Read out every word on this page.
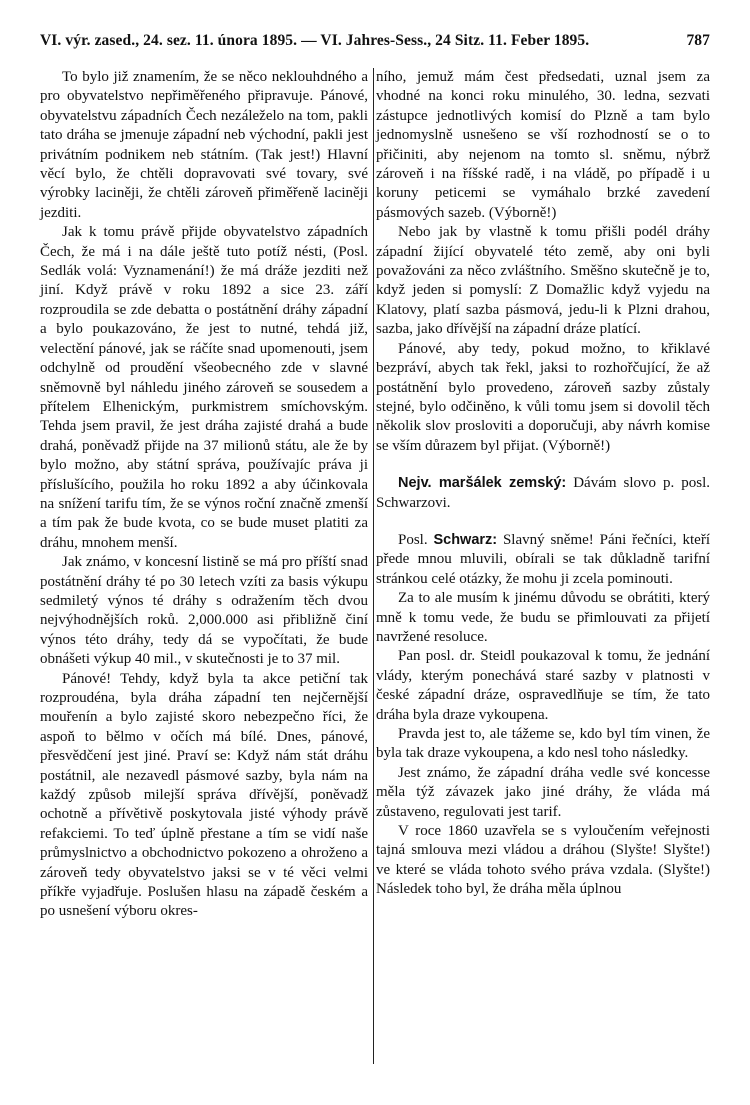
VI. výr. zased., 24. sez. 11. února 1895. — VI. Jahres-Sess., 24 Sitz. 11. Feber 1895.	787

To bylo již znamením, že se něco neklouhdného a pro obyvatelstvo nepřiměřeného připravuje. Pánové, obyvatelstvu západních Čech nezáleželo na tom, pakli tato dráha se jmenuje západní neb východní, pakli jest privátním podnikem neb státním. (Tak jest!) Hlavní věcí bylo, že chtěli dopravovati své tovary, své výrobky laciněji, že chtěli zároveň přiměřeně laciněji jezditi.

Jak k tomu právě přijde obyvatelstvo západních Čech, že má i na dále ještě tuto potíž nésti, (Posl. Sedlák volá: Vyznamenání!) že má dráže jezditi než jiní. Když právě v roku 1892 a sice 23. září rozproudila se zde debatta o postátnění dráhy západní a bylo poukazováno, že jest to nutné, tehdá již, velectění pánové, jak se ráčíte snad upomenouti, jsem odchylně od proudění všeobecného zde v slavné sněmovně byl náhledu jiného zároveň se sousedem a přítelem Elhenickým, purkmistrem smíchovským. Tehda jsem pravil, že jest dráha zajisté drahá a bude drahá, poněvadž přijde na 37 milionů státu, ale že by bylo možno, aby státní správa, používajíc práva ji příslušícího, použila ho roku 1892 a aby účinkovala na snížení tarifu tím, že se výnos roční značně zmenší a tím pak že bude kvota, co se bude muset platiti za dráhu, mnohem menší.

Jak známo, v koncesní listině se má pro příští snad postátnění dráhy té po 30 letech vzíti za basis výkupu sedmiletý výnos té dráhy s odražením těch dvou nejvýhodnějších roků. 2,000.000 asi přibližně činí výnos této dráhy, tedy dá se vypočítati, že bude obnášeti výkup 40 mil., v skutečnosti je to 37 mil.

Pánové! Tehdy, když byla ta akce petiční tak rozproudéna, byla dráha západní ten nejčernější mouřenín a bylo zajisté skoro nebezpečno říci, že aspoň to bělmo v očích má bílé. Dnes, pánové, přesvědčení jest jiné. Praví se: Když nám stát dráhu postátnil, ale nezavedl pásmové sazby, byla nám na každý způsob milejší správa dřívější, poněvadž ochotně a přívětivě poskytovala jisté výhody právě refakciemi. To teď úplně přestane a tím se vidí naše průmyslnictvo a obchodnictvo pokozeno a ohroženo a zároveň tedy obyvatelstvo jaksi se v té věci velmi příkře vyjadřuje. Poslušen hlasu na západě českém a po usnešení výboru okres-

ního, jemuž mám čest předsedati, uznal jsem za vhodné na konci roku minulého, 30. ledna, sezvati zástupce jednotlivých komisí do Plzně a tam bylo jednomyslně usnešeno se vší rozhodností se o to přičiniti, aby nejenom na tomto sl. sněmu, nýbrž zároveň i na říšské radě, i na vládě, po případě i u koruny peticemi se vymáhalo brzké zavedení pásmových sazeb. (Výborně!)

Nebo jak by vlastně k tomu přišli podél dráhy západní žijící obyvatelé této země, aby oni byli považováni za něco zvláštního. Směšno skutečně je to, když jeden si pomyslí: Z Domažlic když vyjedu na Klatovy, platí sazba pásmová, jedu-li k Plzni drahou, sazba, jako dřívější na západní dráze platící.

Pánové, aby tedy, pokud možno, to křiklavé bezpráví, abych tak řekl, jaksi to rozhořčující, že až postátnění bylo provedeno, zároveň sazby zůstaly stejné, bylo odčiněno, k vůli tomu jsem si dovolil těch několik slov prosloviti a doporučuji, aby návrh komise se vším důrazem byl přijat. (Výborně!)

Nejv. maršálek zemský: Dávám slovo p. posl. Schwarzovi.

Posl. Schwarz: Slavný sněme! Páni řečníci, kteří přede mnou mluvili, obírali se tak důkladně tarifní stránkou celé otázky, že mohu ji zcela pominouti.

Za to ale musím k jinému důvodu se obrátiti, který mně k tomu vede, že budu se přimlouvati za přijetí navržené resoluce.

Pan posl. dr. Steidl poukazoval k tomu, že jednání vlády, kterým ponechává staré sazby v platnosti v české západní dráze, ospravedlňuje se tím, že tato dráha byla draze vykoupena.

Pravda jest to, ale tážeme se, kdo byl tím vinen, že byla tak draze vykoupena, a kdo nesl toho následky.

Jest známo, že západní dráha vedle své koncesse měla týž závazek jako jiné dráhy, že vláda má zůstaveno, regulovati jest tarif.

V roce 1860 uzavřela se s vyloučením veřejnosti tajná smlouva mezi vládou a dráhou (Slyšte! Slyšte!) ve které se vláda tohoto svého práva vzdala. (Slyšte!) Následek toho byl, že dráha měla úplnou
